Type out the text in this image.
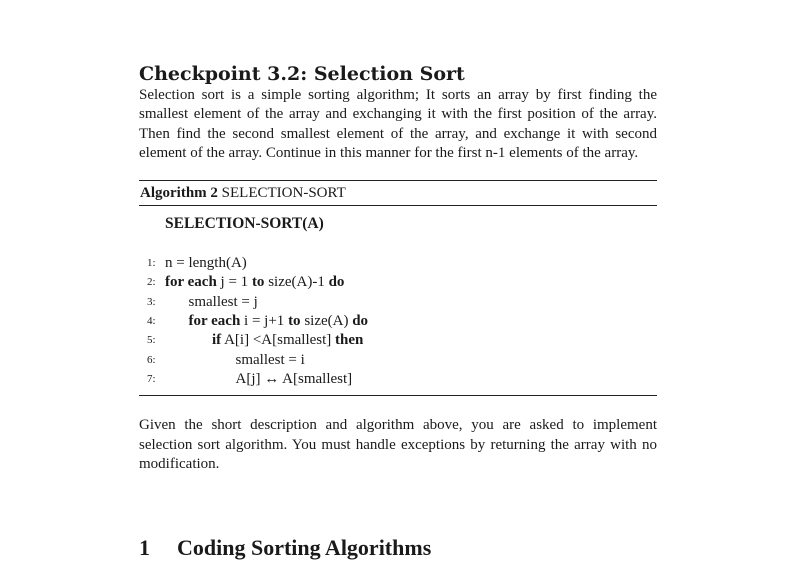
Checkpoint 3.2: Selection Sort

Selection sort is a simple sorting algorithm; It sorts an array by first finding the smallest element of the array and exchanging it with the first position of the array. Then find the second smallest element of the array, and exchange it with second element of the array. Continue in this manner for the first n-1 elements of the array.

Algorithm 2 SELECTION-SORT
SELECTION-SORT(A)
1: n = length(A)
2: for each j = 1 to size(A)-1 do
3:	smallest = j
4:	for each i = j+1 to size(A) do
5:	if A[i] <A[smallest] then
6:	smallest = i
7:	A[j] ↔ A[smallest]

Given the short description and algorithm above, you are asked to implement selection sort algorithm. You must handle exceptions by returning the array with no modification.

1 Coding Sorting Algorithms
